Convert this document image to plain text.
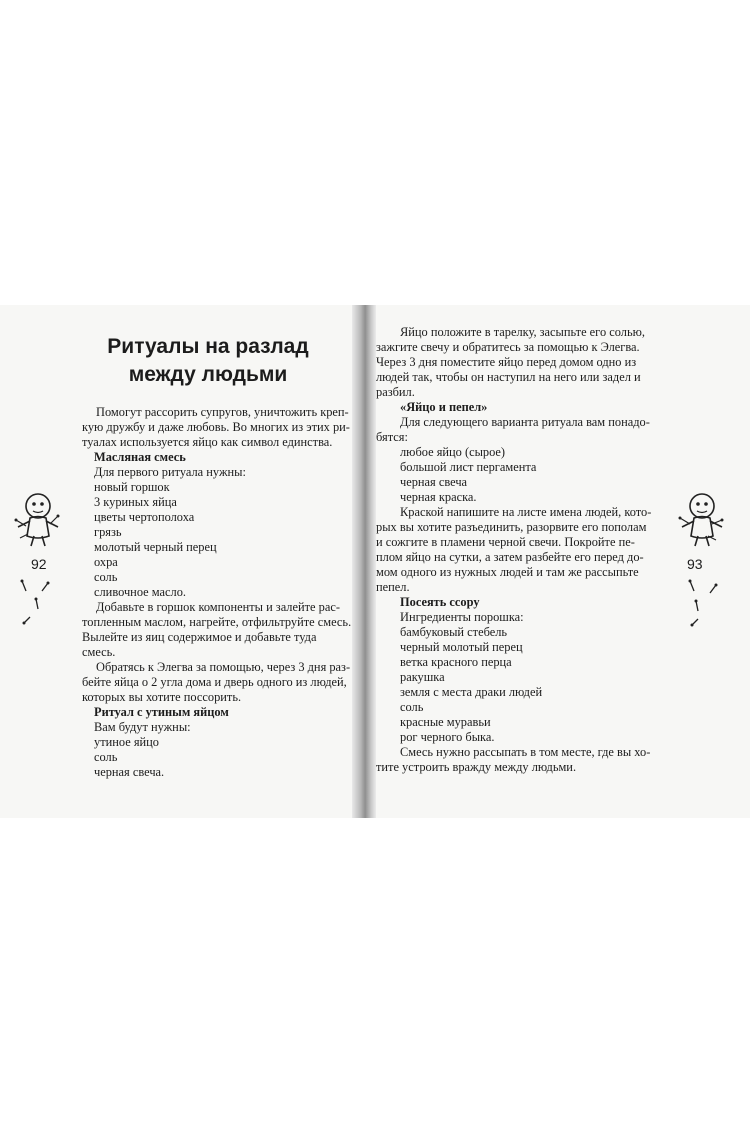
Ритуалы на разлад
между людьми
Помогут рассорить супругов, уничтожить креп-
кую дружбу и даже любовь. Во многих из этих ри-
туалах используется яйцо как символ единства.
Масляная смесь
Для первого ритуала нужны:
новый горшок
3 куриных яйца
цветы чертополоха
грязь
молотый черный перец
охра
соль
сливочное масло.
Добавьте в горшок компоненты и залейте рас-
топленным маслом, нагрейте, отфильтруйте смесь.
Вылейте из яиц содержимое и добавьте туда смесь.
Обратясь к Элегва за помощью, через 3 дня раз-
бейте яйца о 2 угла дома и дверь одного из людей,
которых вы хотите поссорить.
Ритуал с утиным яйцом
Вам будут нужны:
утиное яйцо
соль
черная свеча.
92
Яйцо положите в тарелку, засыпьте его солью,
зажгите свечу и обратитесь за помощью к Элегва.
Через 3 дня поместите яйцо перед домом одно из
людей так, чтобы он наступил на него или задел и
разбил.
«Яйцо и пепел»
Для следующего варианта ритуала вам понадо-
бятся:
любое яйцо (сырое)
большой лист пергамента
черная свеча
черная краска.
Краской напишите на листе имена людей, кото-
рых вы хотите разъединить, разорвите его пополам
и сожгите в пламени черной свечи. Покройте пе-
плом яйцо на сутки, а затем разбейте его перед до-
мом одного из нужных людей и там же рассыпьте
пепел.
Посеять ссору
Ингредиенты порошка:
бамбуковый стебель
черный молотый перец
ветка красного перца
ракушка
земля с места драки людей
соль
красные муравьи
рог черного быка.
Смесь нужно рассыпать в том месте, где вы хо-
тите устроить вражду между людьми.
93
